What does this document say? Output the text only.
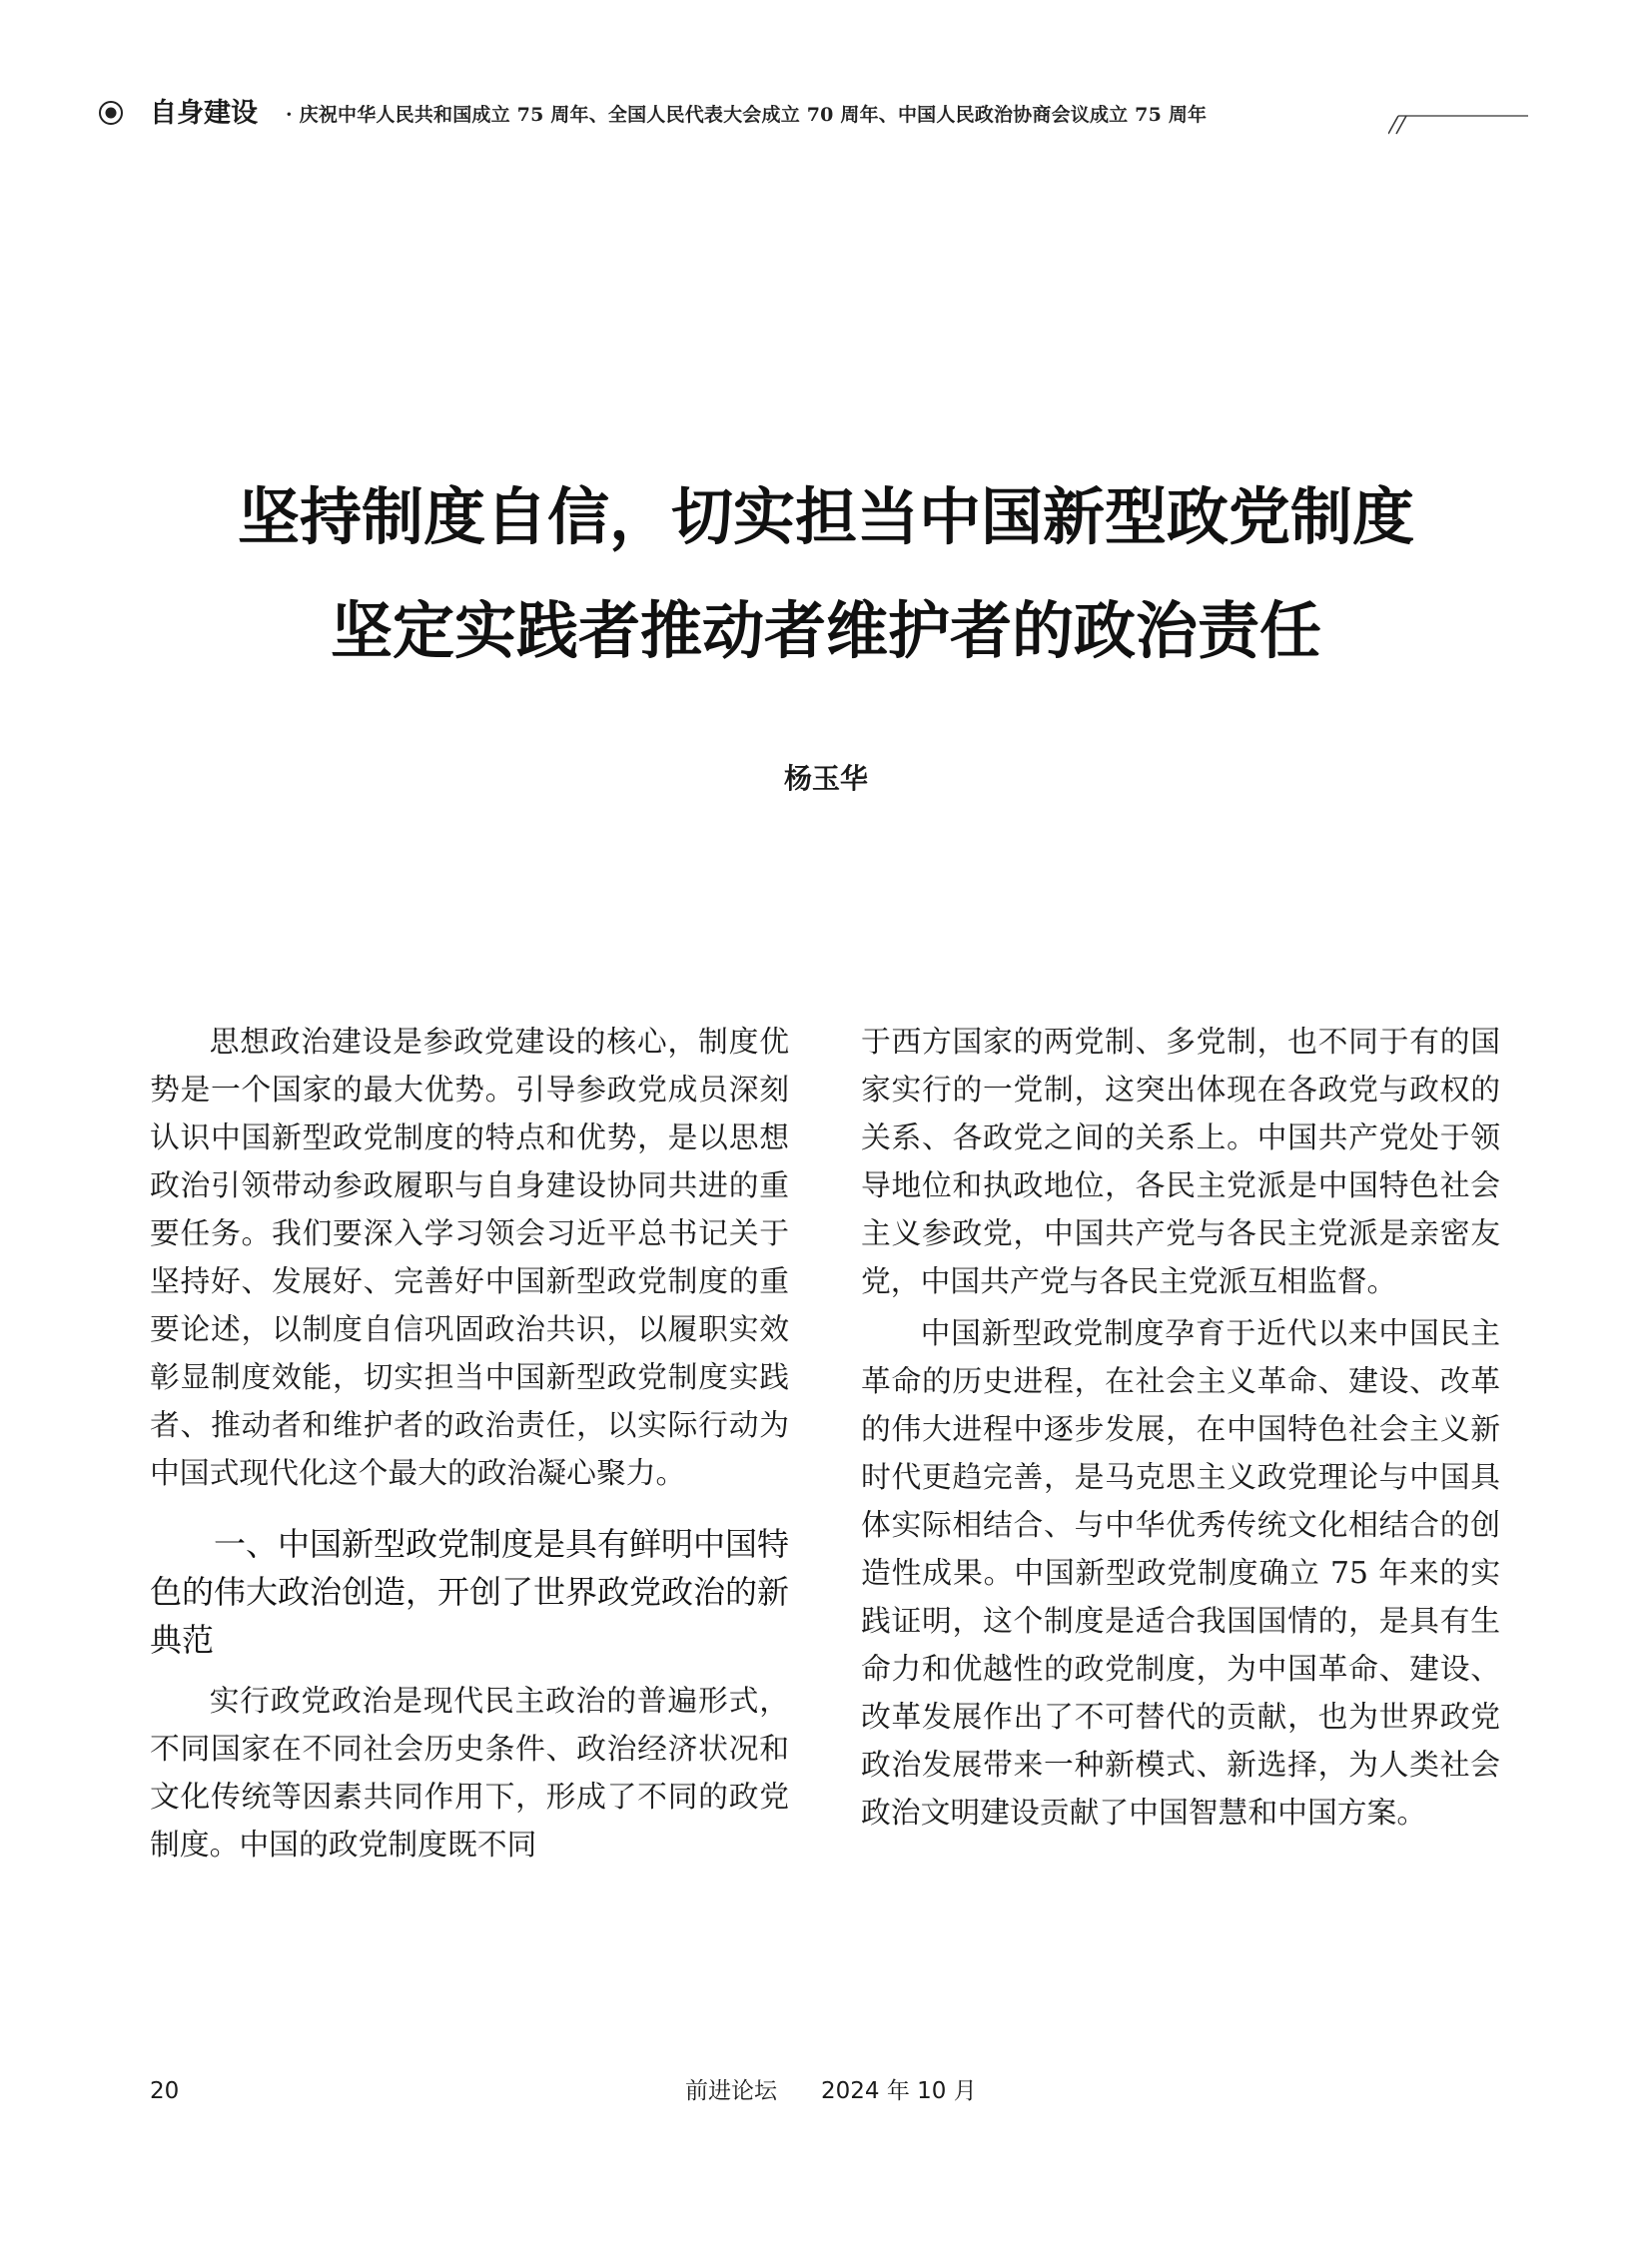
自身建设 · 庆祝中华人民共和国成立 75 周年、全国人民代表大会成立 70 周年、中国人民政治协商会议成立 75 周年
坚持制度自信，切实担当中国新型政党制度
坚定实践者推动者维护者的政治责任
杨玉华

思想政治建设是参政党建设的核心，制度优势是一个国家的最大优势。引导参政党成员深刻认识中国新型政党制度的特点和优势，是以思想政治引领带动参政履职与自身建设协同共进的重要任务。我们要深入学习领会习近平总书记关于坚持好、发展好、完善好中国新型政党制度的重要论述，以制度自信巩固政治共识，以履职实效彰显制度效能，切实担当中国新型政党制度实践者、推动者和维护者的政治责任，以实际行动为中国式现代化这个最大的政治凝心聚力。

一、中国新型政党制度是具有鲜明中国特色的伟大政治创造，开创了世界政党政治的新典范

实行政党政治是现代民主政治的普遍形式，不同国家在不同社会历史条件、政治经济状况和文化传统等因素共同作用下，形成了不同的政党制度。中国的政党制度既不同

于西方国家的两党制、多党制，也不同于有的国家实行的一党制，这突出体现在各政党与政权的关系、各政党之间的关系上。中国共产党处于领导地位和执政地位，各民主党派是中国特色社会主义参政党，中国共产党与各民主党派是亲密友党，中国共产党与各民主党派互相监督。

中国新型政党制度孕育于近代以来中国民主革命的历史进程，在社会主义革命、建设、改革的伟大进程中逐步发展，在中国特色社会主义新时代更趋完善，是马克思主义政党理论与中国具体实际相结合、与中华优秀传统文化相结合的创造性成果。中国新型政党制度确立 75 年来的实践证明，这个制度是适合我国国情的，是具有生命力和优越性的政党制度，为中国革命、建设、改革发展作出了不可替代的贡献，也为世界政党政治发展带来一种新模式、新选择，为人类社会政治文明建设贡献了中国智慧和中国方案。

20	前进论坛 2024 年 10 月
